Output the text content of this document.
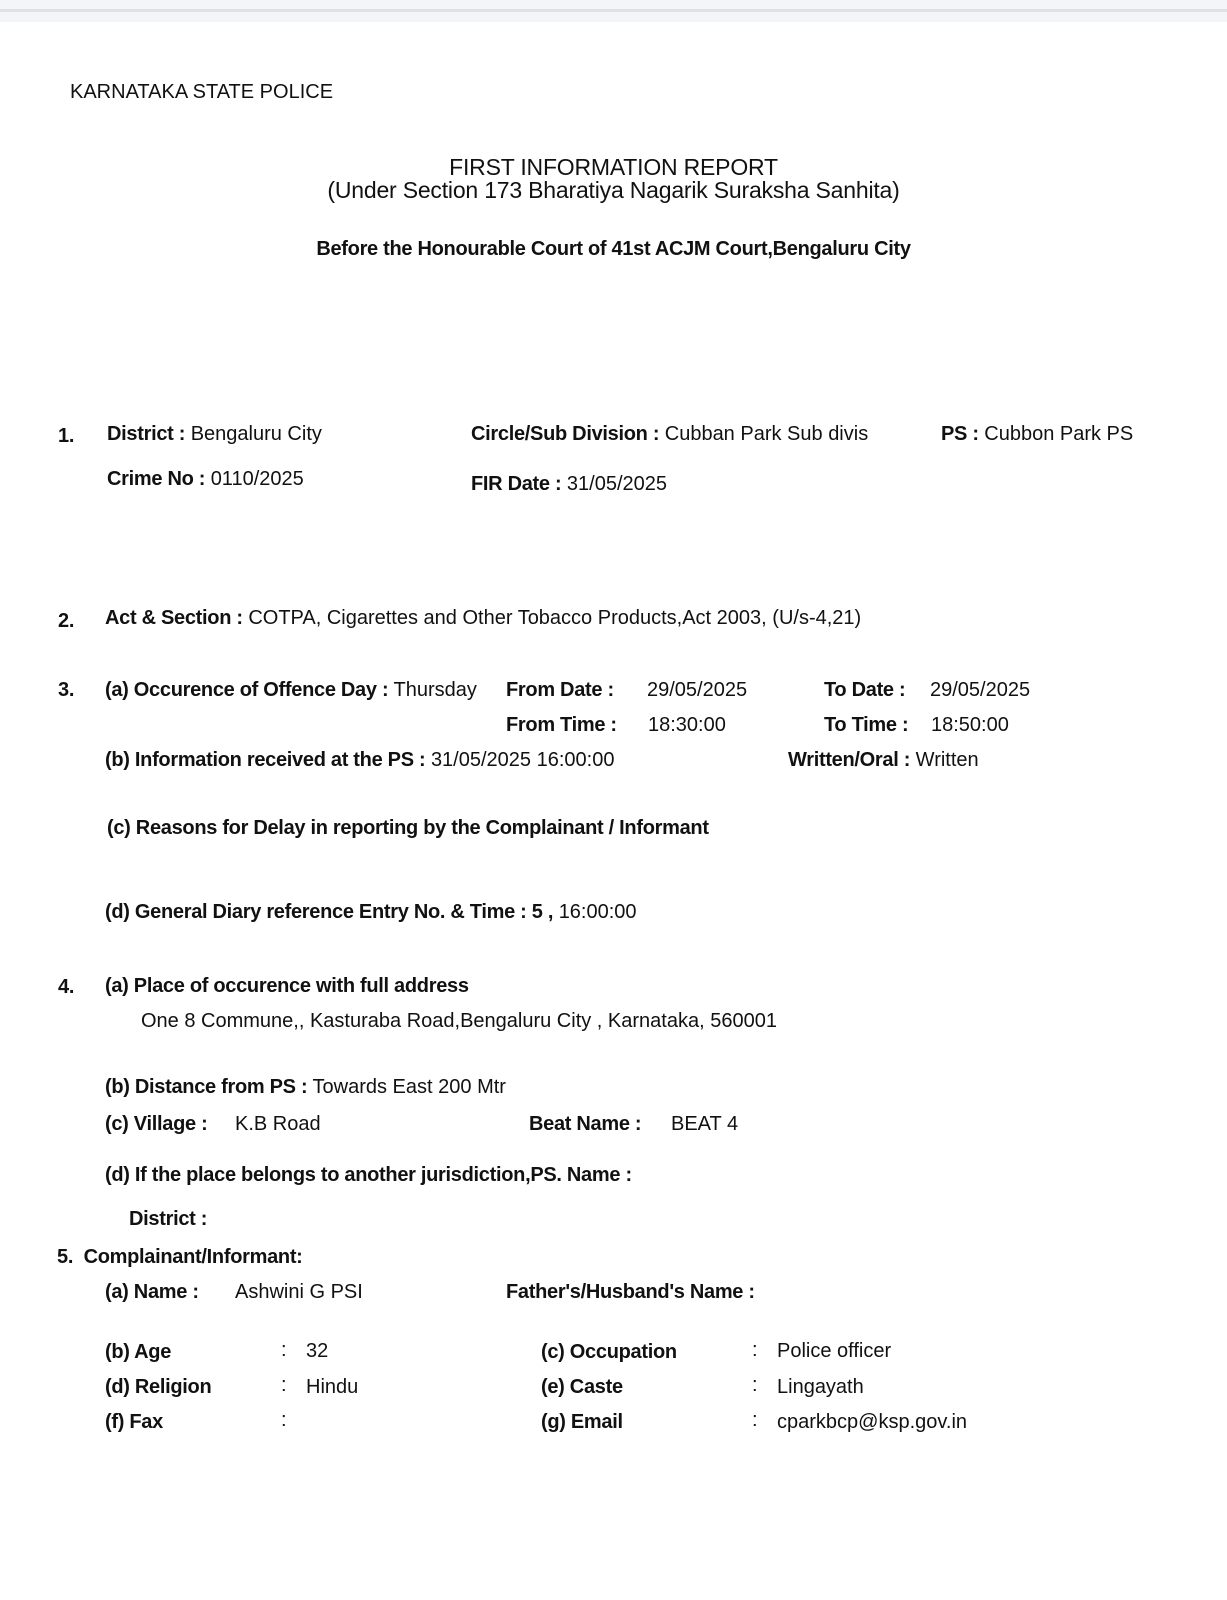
KARNATAKA STATE POLICE
FIRST INFORMATION REPORT
(Under Section 173 Bharatiya Nagarik Suraksha Sanhita)
Before the Honourable Court of 41st ACJM Court,Bengaluru City
1. District : Bengaluru City	Circle/Sub Division : Cubban Park Sub divis	PS : Cubbon Park PS
Crime No : 0110/2025	FIR Date : 31/05/2025
2. Act & Section : COTPA, Cigarettes and Other Tobacco Products,Act 2003, (U/s-4,21)
3. (a) Occurence of Offence Day : Thursday From Date : 29/05/2025	To Date : 29/05/2025
From Time : 18:30:00	To Time : 18:50:00
(b) Information received at the PS : 31/05/2025 16:00:00	Written/Oral : Written
(c) Reasons for Delay in reporting by the Complainant / Informant
(d) General Diary reference Entry No. & Time : 5 , 16:00:00
4. (a) Place of occurence with full address
One 8 Commune,, Kasturaba Road,Bengaluru City , Karnataka, 560001
(b) Distance from PS : Towards East 200 Mtr
(c) Village : K.B Road	Beat Name : BEAT 4
(d) If the place belongs to another jurisdiction,PS. Name :
District :
5.  Complainant/Informant:
(a) Name : Ashwini G PSI	Father's/Husband's Name :
(b) Age	: 32	(c) Occupation	: Police officer
(d) Religion	: Hindu	(e) Caste	: Lingayath
(f) Fax	:	(g) Email	: cparkbcp@ksp.gov.in
